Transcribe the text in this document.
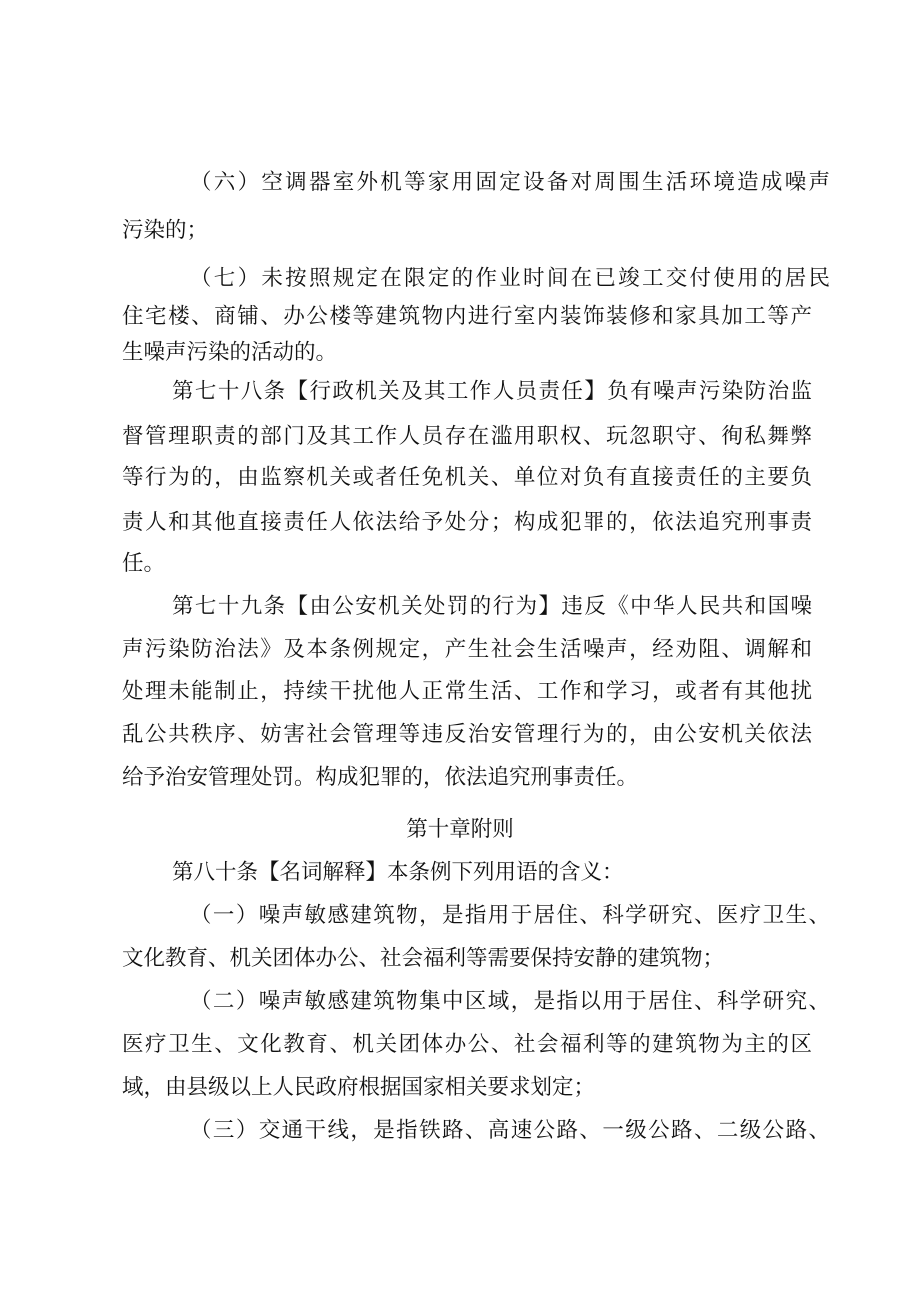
（六）空调器室外机等家用固定设备对周围生活环境造成噪声
污染的；
（七）未按照规定在限定的作业时间在已竣工交付使用的居民
住宅楼、商铺、办公楼等建筑物内进行室内装饰装修和家具加工等产
生噪声污染的活动的。
第七十八条【行政机关及其工作人员责任】负有噪声污染防治监
督管理职责的部门及其工作人员存在滥用职权、玩忽职守、徇私舞弊
等行为的，由监察机关或者任免机关、单位对负有直接责任的主要负
责人和其他直接责任人依法给予处分；构成犯罪的，依法追究刑事责
任。
第七十九条【由公安机关处罚的行为】违反《中华人民共和国噪
声污染防治法》及本条例规定，产生社会生活噪声，经劝阻、调解和
处理未能制止，持续干扰他人正常生活、工作和学习，或者有其他扰
乱公共秩序、妨害社会管理等违反治安管理行为的，由公安机关依法
给予治安管理处罚。构成犯罪的，依法追究刑事责任。
第十章附则
第八十条【名词解释】本条例下列用语的含义：
（一）噪声敏感建筑物，是指用于居住、科学研究、医疗卫生、
文化教育、机关团体办公、社会福利等需要保持安静的建筑物；
（二）噪声敏感建筑物集中区域，是指以用于居住、科学研究、
医疗卫生、文化教育、机关团体办公、社会福利等的建筑物为主的区
域，由县级以上人民政府根据国家相关要求划定；
（三）交通干线，是指铁路、高速公路、一级公路、二级公路、
